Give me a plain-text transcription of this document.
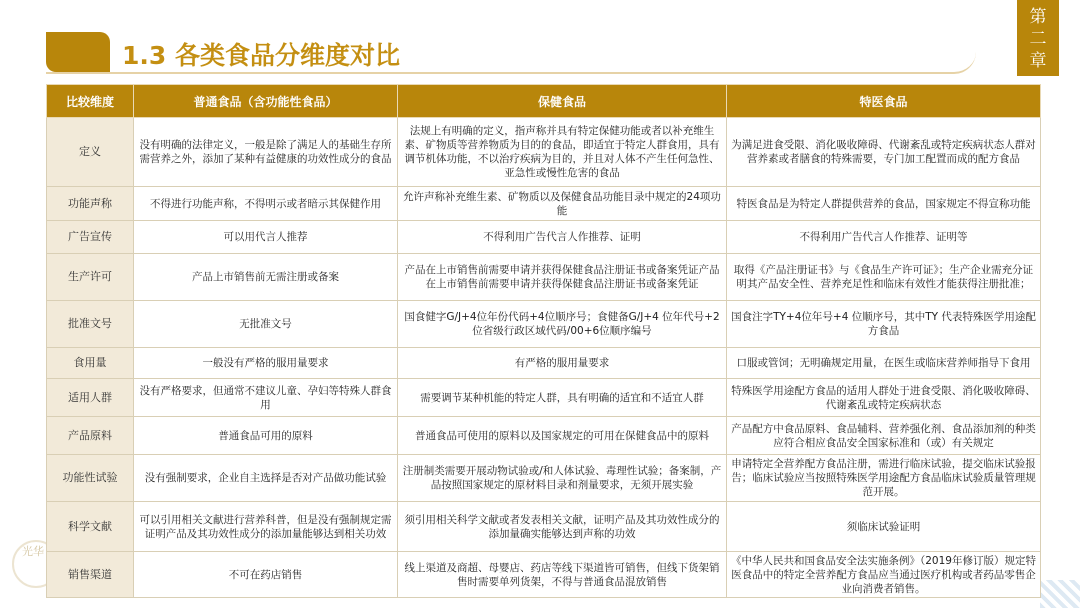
1.3 各类食品分维度对比
第
二
章
光华
比较维度	普通食品（含功能性食品）	保健食品	特医食品
定义	没有明确的法律定义，一般是除了满足人的基础生存所需营养之外，添加了某种有益健康的功效性成分的食品	法规上有明确的定义，指声称并具有特定保健功能或者以补充维生素、矿物质等营养物质为目的的食品，即适宜于特定人群食用，具有调节机体功能，不以治疗疾病为目的，并且对人体不产生任何急性、亚急性或慢性危害的食品	为满足进食受限、消化吸收障碍、代谢紊乱或特定疾病状态人群对营养素或者膳食的特殊需要，专门加工配置而成的配方食品
功能声称	不得进行功能声称，不得明示或者暗示其保健作用	允许声称补充维生素、矿物质以及保健食品功能目录中规定的24项功能	特医食品是为特定人群提供营养的食品，国家规定不得宣称功能
广告宣传	可以用代言人推荐	不得利用广告代言人作推荐、证明	不得利用广告代言人作推荐、证明等
生产许可	产品上市销售前无需注册或备案	产品在上市销售前需要申请并获得保健食品注册证书或备案凭证产品在上市销售前需要申请并获得保健食品注册证书或备案凭证	取得《产品注册证书》与《食品生产许可证》；生产企业需充分证明其产品安全性、营养充足性和临床有效性才能获得注册批准；
批准文号	无批准文号	国食健字G/J+4位年份代码+4位顺序号；食健备G/J+4 位年代号+2位省级行政区域代码/00+6位顺序编号	国食注字TY+4位年号+4 位顺序号，其中TY 代表特殊医学用途配方食品
食用量	一般没有严格的服用量要求	有严格的服用量要求	口服或管饲；无明确规定用量，在医生或临床营养师指导下食用
适用人群	没有严格要求，但通常不建议儿童、孕妇等特殊人群食用	需要调节某种机能的特定人群，具有明确的适宜和不适宜人群	特殊医学用途配方食品的适用人群处于进食受限、消化吸收障碍、代谢紊乱或特定疾病状态
产品原料	普通食品可用的原料	普通食品可使用的原料以及国家规定的可用在保健食品中的原料	产品配方中食品原料、食品辅料、营养强化剂、食品添加剂的种类应符合相应食品安全国家标准和（或）有关规定
功能性试验	没有强制要求，企业自主选择是否对产品做功能试验	注册制类需要开展动物试验或/和人体试验、毒理性试验；备案制，产品按照国家规定的原材料目录和剂量要求，无须开展实验	申请特定全营养配方食品注册，需进行临床试验，提交临床试验报告；临床试验应当按照特殊医学用途配方食品临床试验质量管理规范开展。
科学文献	可以引用相关文献进行营养科普，但是没有强制规定需证明产品及其功效性成分的添加量能够达到相关功效	须引用相关科学文献或者发表相关文献，证明产品及其功效性成分的添加量确实能够达到声称的功效	须临床试验证明
销售渠道	不可在药店销售	线上渠道及商超、母婴店、药店等线下渠道皆可销售，但线下货架销售时需要单列货架，不得与普通食品混放销售	《中华人民共和国食品安全法实施条例》（2019年修订版）规定特医食品中的特定全营养配方食品应当通过医疗机构或者药品零售企业向消费者销售。
